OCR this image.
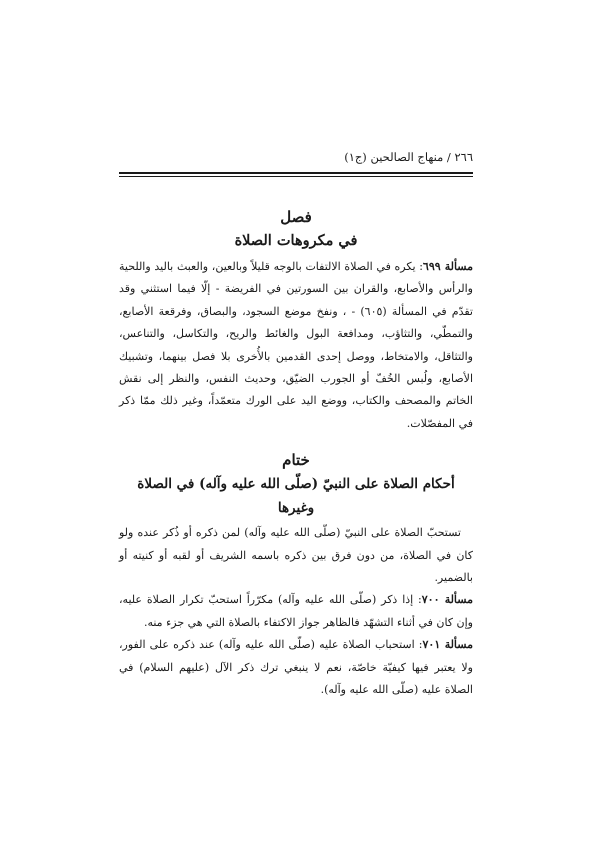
٢٦٦ / منهاج الصالحين (ج١)
فصل
في مكروهات الصلاة

مسألة ٦٩٩: يكره في الصلاة الالتفات بالوجه قليلاً وبالعين، والعبث باليد واللحية والرأس والأصابع، والقران بين السورتين في الفريضة - إلّا فيما استثني وقد تقدّم في المسألة (٦٠٥) - ، ونفخ موضع السجود، والبصاق، وفرقعة الأصابع، والتمطّي، والتثاؤب، ومدافعة البول والغائط والريح، والتكاسل، والتناعس، والتثاقل، والامتخاط، ووصل إحدى القدمين بالأُخرى بلا فصل بينهما، وتشبيك الأصابع، ولُبس الخُفّ أو الجورب الضيّق، وحديث النفس، والنظر إلى نقش الخاتم والمصحف والكتاب، ووضع اليد على الورك متعمّداً، وغير ذلك ممّا ذكر في المفصّلات.

ختام
أحكام الصلاة على النبيّ (صلّى الله عليه وآله) في الصلاة وغيرها

تستحبّ الصلاة على النبيّ (صلّى الله عليه وآله) لمن ذكره أو ذُكر عنده ولو كان في الصلاة، من دون فرق بين ذكره باسمه الشريف أو لقبه أو كنيته أو بالضمير.

مسألة ٧٠٠: إذا ذكر (صلّى الله عليه وآله) مكرّراً استحبّ تكرار الصلاة عليه، وإن كان في أثناء التشهّد فالظاهر جواز الاكتفاء بالصلاة التي هي جزء منه.

مسألة ٧٠١: استحباب الصلاة عليه (صلّى الله عليه وآله) عند ذكره على الفور، ولا يعتبر فيها كيفيّة خاصّة، نعم لا ينبغي ترك ذكر الآل (عليهم السلام) في الصلاة عليه (صلّى الله عليه وآله).
